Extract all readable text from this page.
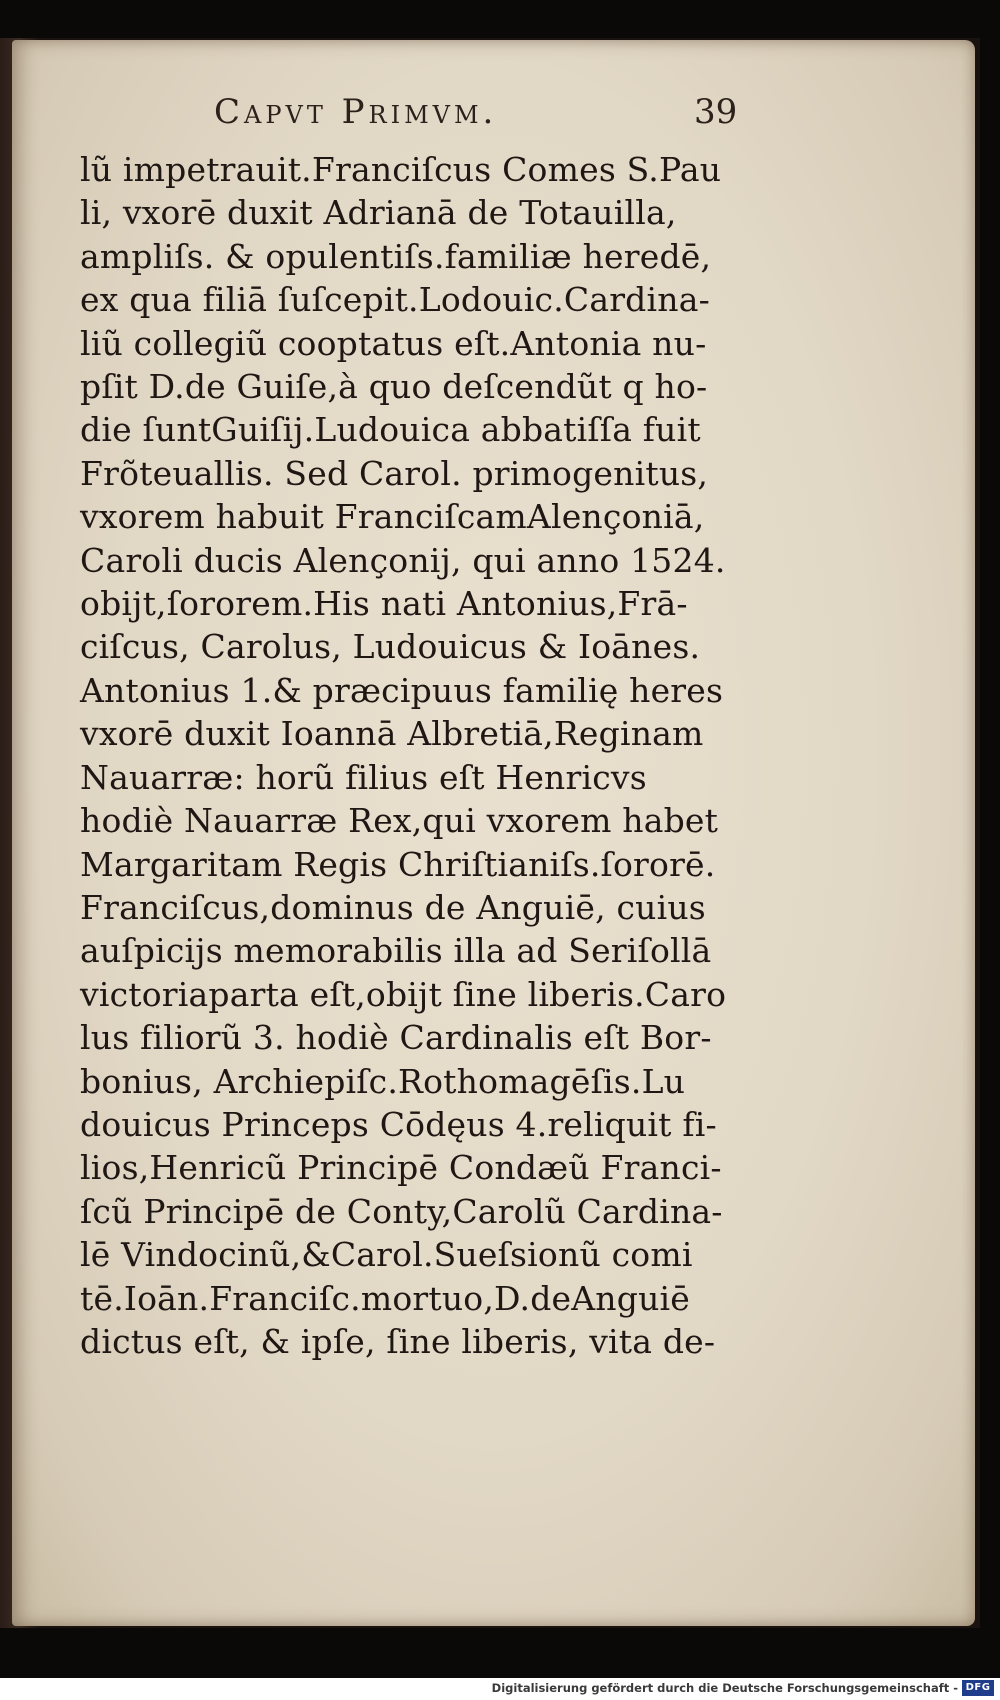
Capvt Primvm.	39
lũ impetrauit.Franciſcus Comes S.Pau
li, vxorē duxit Adrianā de Totauilla,
ampliſs. & opulentiſs.familiæ heredē,
ex qua filiā ſuſcepit.Lodouic.Cardina-
liũ collegiũ cooptatus eſt.Antonia nu-
pſit D.de Guiſe,à quo deſcendũt q ho-
die ſuntGuiſij.Ludouica abbatiſſa fuit
Frõteuallis. Sed Carol. primogenitus,
vxorem habuit FranciſcamAlençoniā,
Caroli ducis Alençonij, qui anno 1524.
obijt,ſororem.His nati Antonius,Frā-
ciſcus, Carolus, Ludouicus & Ioānes.
Antonius 1.& præcipuus familię heres
vxorē duxit Ioannā Albretiā,Reginam
Nauarræ: horũ filius eſt Henricvs
hodiè Nauarræ Rex,qui vxorem habet
Margaritam Regis Chriſtianiſs.ſororē.
Franciſcus,dominus de Anguiē, cuius
auſpicijs memorabilis illa ad Seriſollā
victoriaparta eſt,obijt ſine liberis.Caro
lus filiorũ 3. hodiè Cardinalis eſt Bor-
bonius, Archiepiſc.Rothomagēſis.Lu
douicus Princeps Cōdęus 4.reliquit fi-
lios,Henricũ Principē Condæũ Franci-
ſcũ Principē de Conty,Carolũ Cardina-
lē Vindocinũ,&Carol.Sueſsionũ comi
tē.Ioān.Franciſc.mortuo,D.deAnguiē
dictus eſt, & ipſe, ſine liberis, vita de-
Digitalisierung gefördert durch die Deutsche Forschungsgemeinschaft - DFG
